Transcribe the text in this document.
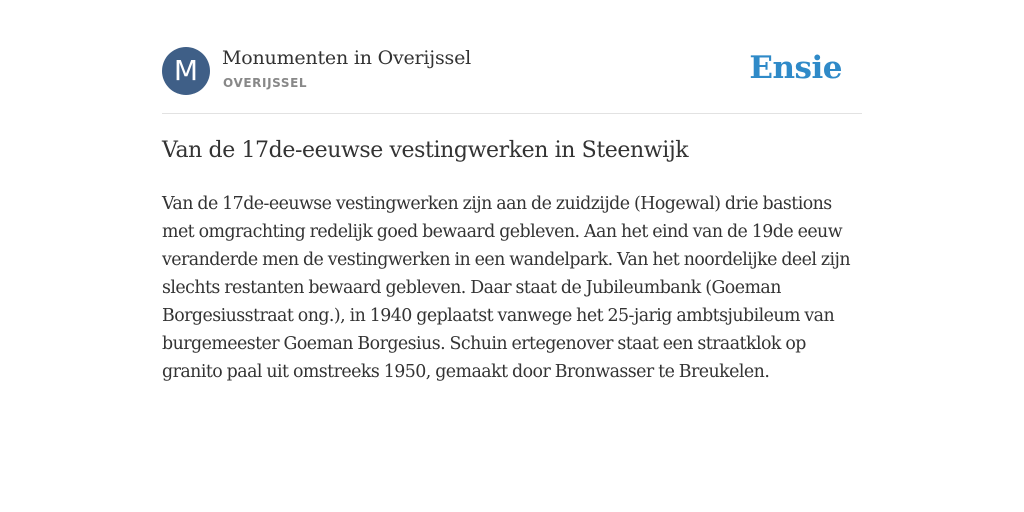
M	Monumenten in Overijssel
OVERIJSSEL	Ensie
Van de 17de-eeuwse vestingwerken in Steenwijk

Van de 17de-eeuwse vestingwerken zijn aan de zuidzijde (Hogewal) drie bastions met omgrachting redelijk goed bewaard gebleven. Aan het eind van de 19de eeuw veranderde men de vestingwerken in een wandelpark. Van het noordelijke deel zijn slechts restanten bewaard gebleven. Daar staat de Jubileumbank (Goeman Borgesiusstraat ong.), in 1940 geplaatst vanwege het 25-jarig ambtsjubileum van burgemeester Goeman Borgesius. Schuin ertegenover staat een straatklok op granito paal uit omstreeks 1950, gemaakt door Bronwasser te Breukelen.
